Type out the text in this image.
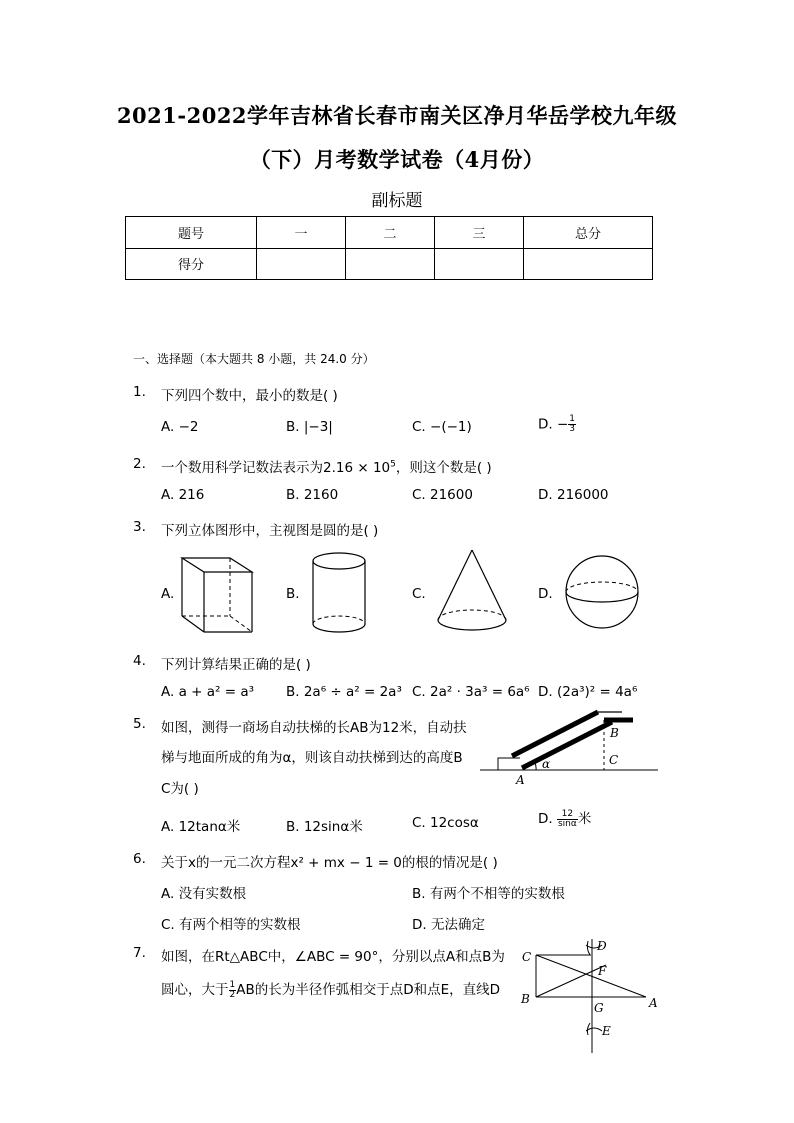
2021-2022学年吉林省长春市南关区净月华岳学校九年级
（下）月考数学试卷（4月份）
副标题
题号	一	二	三	总分
得分				
一、选择题（本大题共 8 小题，共 24.0 分）
1. 下列四个数中，最小的数是( )
A. −2	B. |−3|	C. −(−1)	D. − $\frac{1}{3}$
2. 一个数用科学记数法表示为$2.16 \times 10^5$，则这个数是( )
A. 216	B. 2160	C. 21600	D. 216000
3. 下列立体图形中，主视图是圆的是( )
A.	B.	C.	D.
4. 下列计算结果正确的是( )
A. a + a² = a³ B. 2a⁶ ÷ a² = 2a³ C. 2a² · 3a³ = 6a⁶ D. (2a³)² = 4a⁶
5. 如图，测得一商场自动扶梯的长AB为12米，自动扶
梯与地面所成的角为α，则该自动扶梯到达的高度B
C为( )
A. 12tanα米	B. 12sinα米	C. 12cosα	D. $\frac{12}{\sin\alpha}$ 米
B
C
A
α
6. 关于x的一元二次方程x² + mx − 1 = 0的根的情况是( )
A. 没有实数根	B. 有两个不相等的实数根
C. 有两个相等的实数根	D. 无法确定
7. 如图，在Rt△ABC中，∠ABC = 90°，分别以点A和点B为
圆心，大于 $\frac{1}{2}$ AB的长为半径作弧相交于点D和点E，直线D
C
D
F
B
G	A
E
